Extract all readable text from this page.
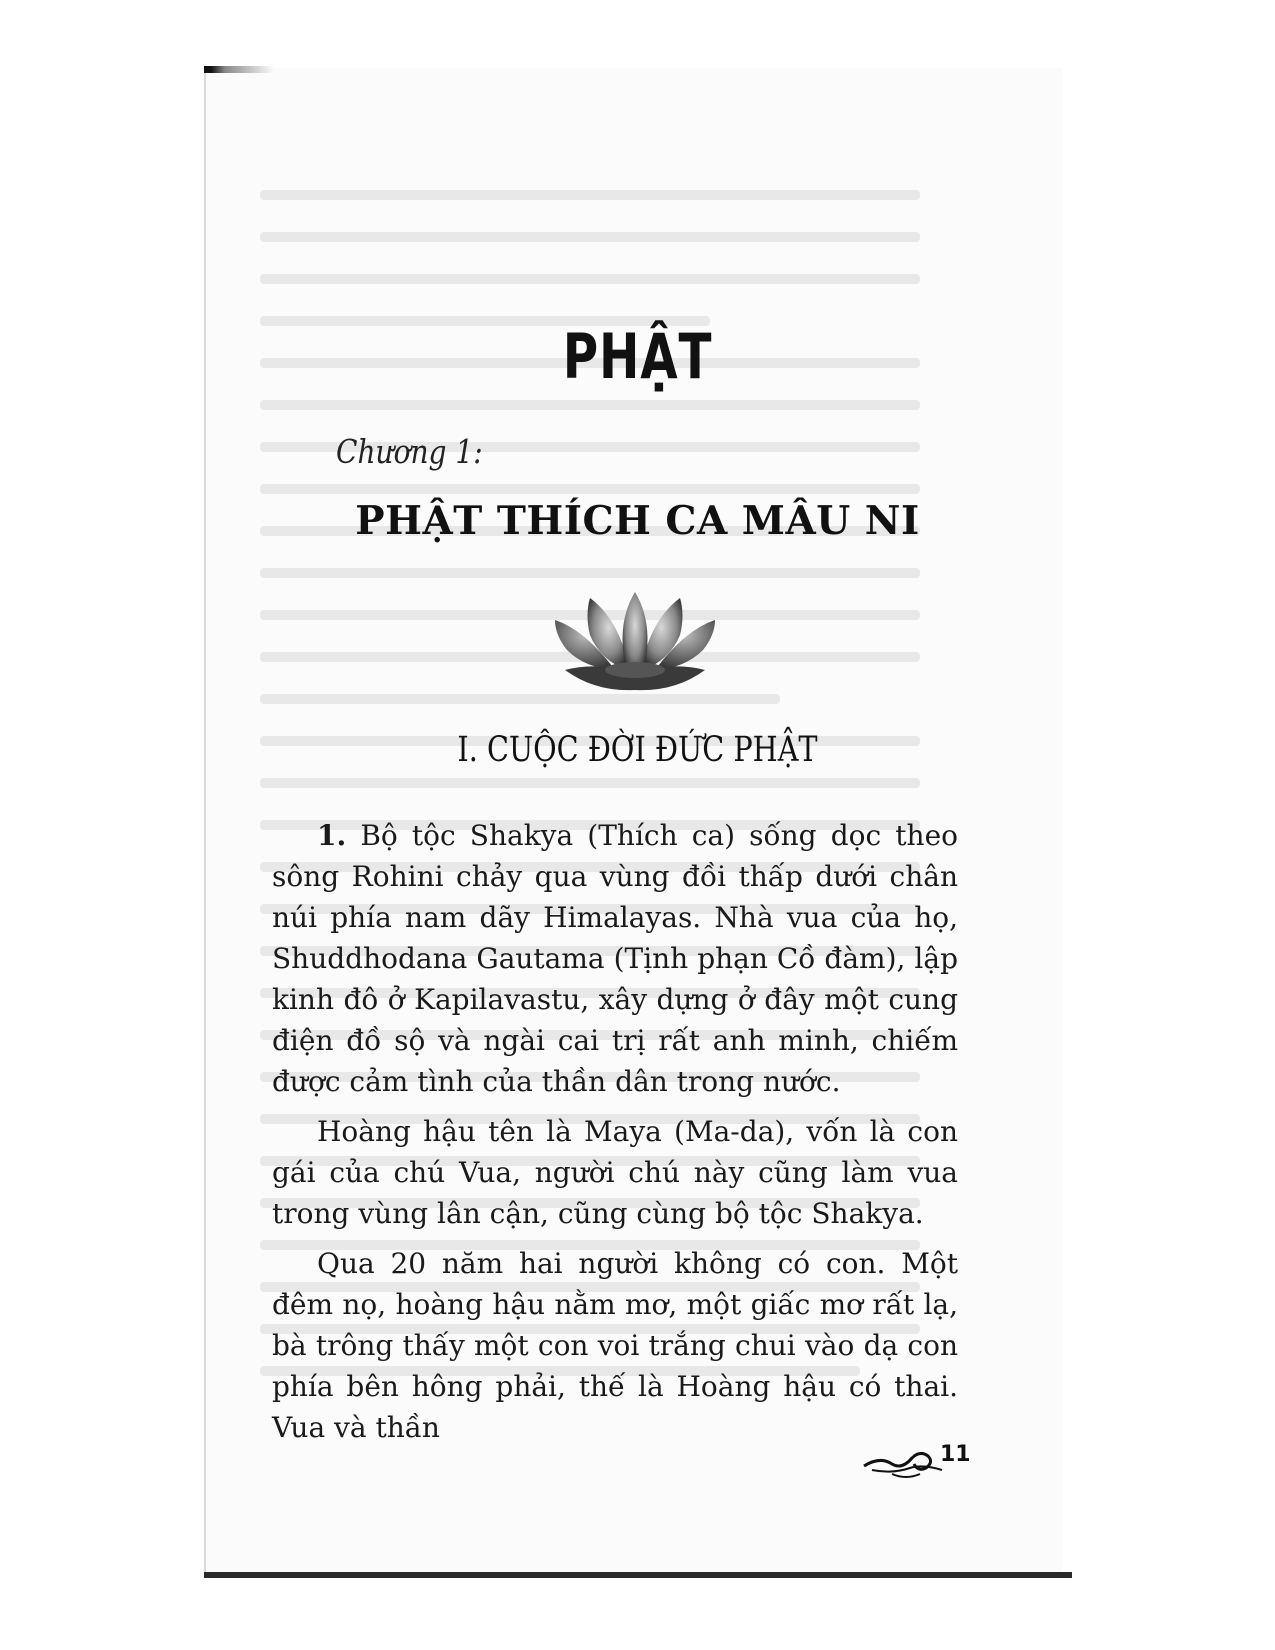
PHẬT
Chương 1:
PHẬT THÍCH CA MÂU NI
I. CUỘC ĐỜI ĐỨC PHẬT

1. Bộ tộc Shakya (Thích ca) sống dọc theo sông Rohini chảy qua vùng đồi thấp dưới chân núi phía nam dãy Himalayas. Nhà vua của họ, Shuddhodana Gautama (Tịnh phạn Cồ đàm), lập kinh đô ở Kapilavastu, xây dựng ở đây một cung điện đồ sộ và ngài cai trị rất anh minh, chiếm được cảm tình của thần dân trong nước.

Hoàng hậu tên là Maya (Ma-da), vốn là con gái của chú Vua, người chú này cũng làm vua trong vùng lân cận, cũng cùng bộ tộc Shakya.

Qua 20 năm hai người không có con. Một đêm nọ, hoàng hậu nằm mơ, một giấc mơ rất lạ, bà trông thấy một con voi trắng chui vào dạ con phía bên hông phải, thế là Hoàng hậu có thai. Vua và thần

11
